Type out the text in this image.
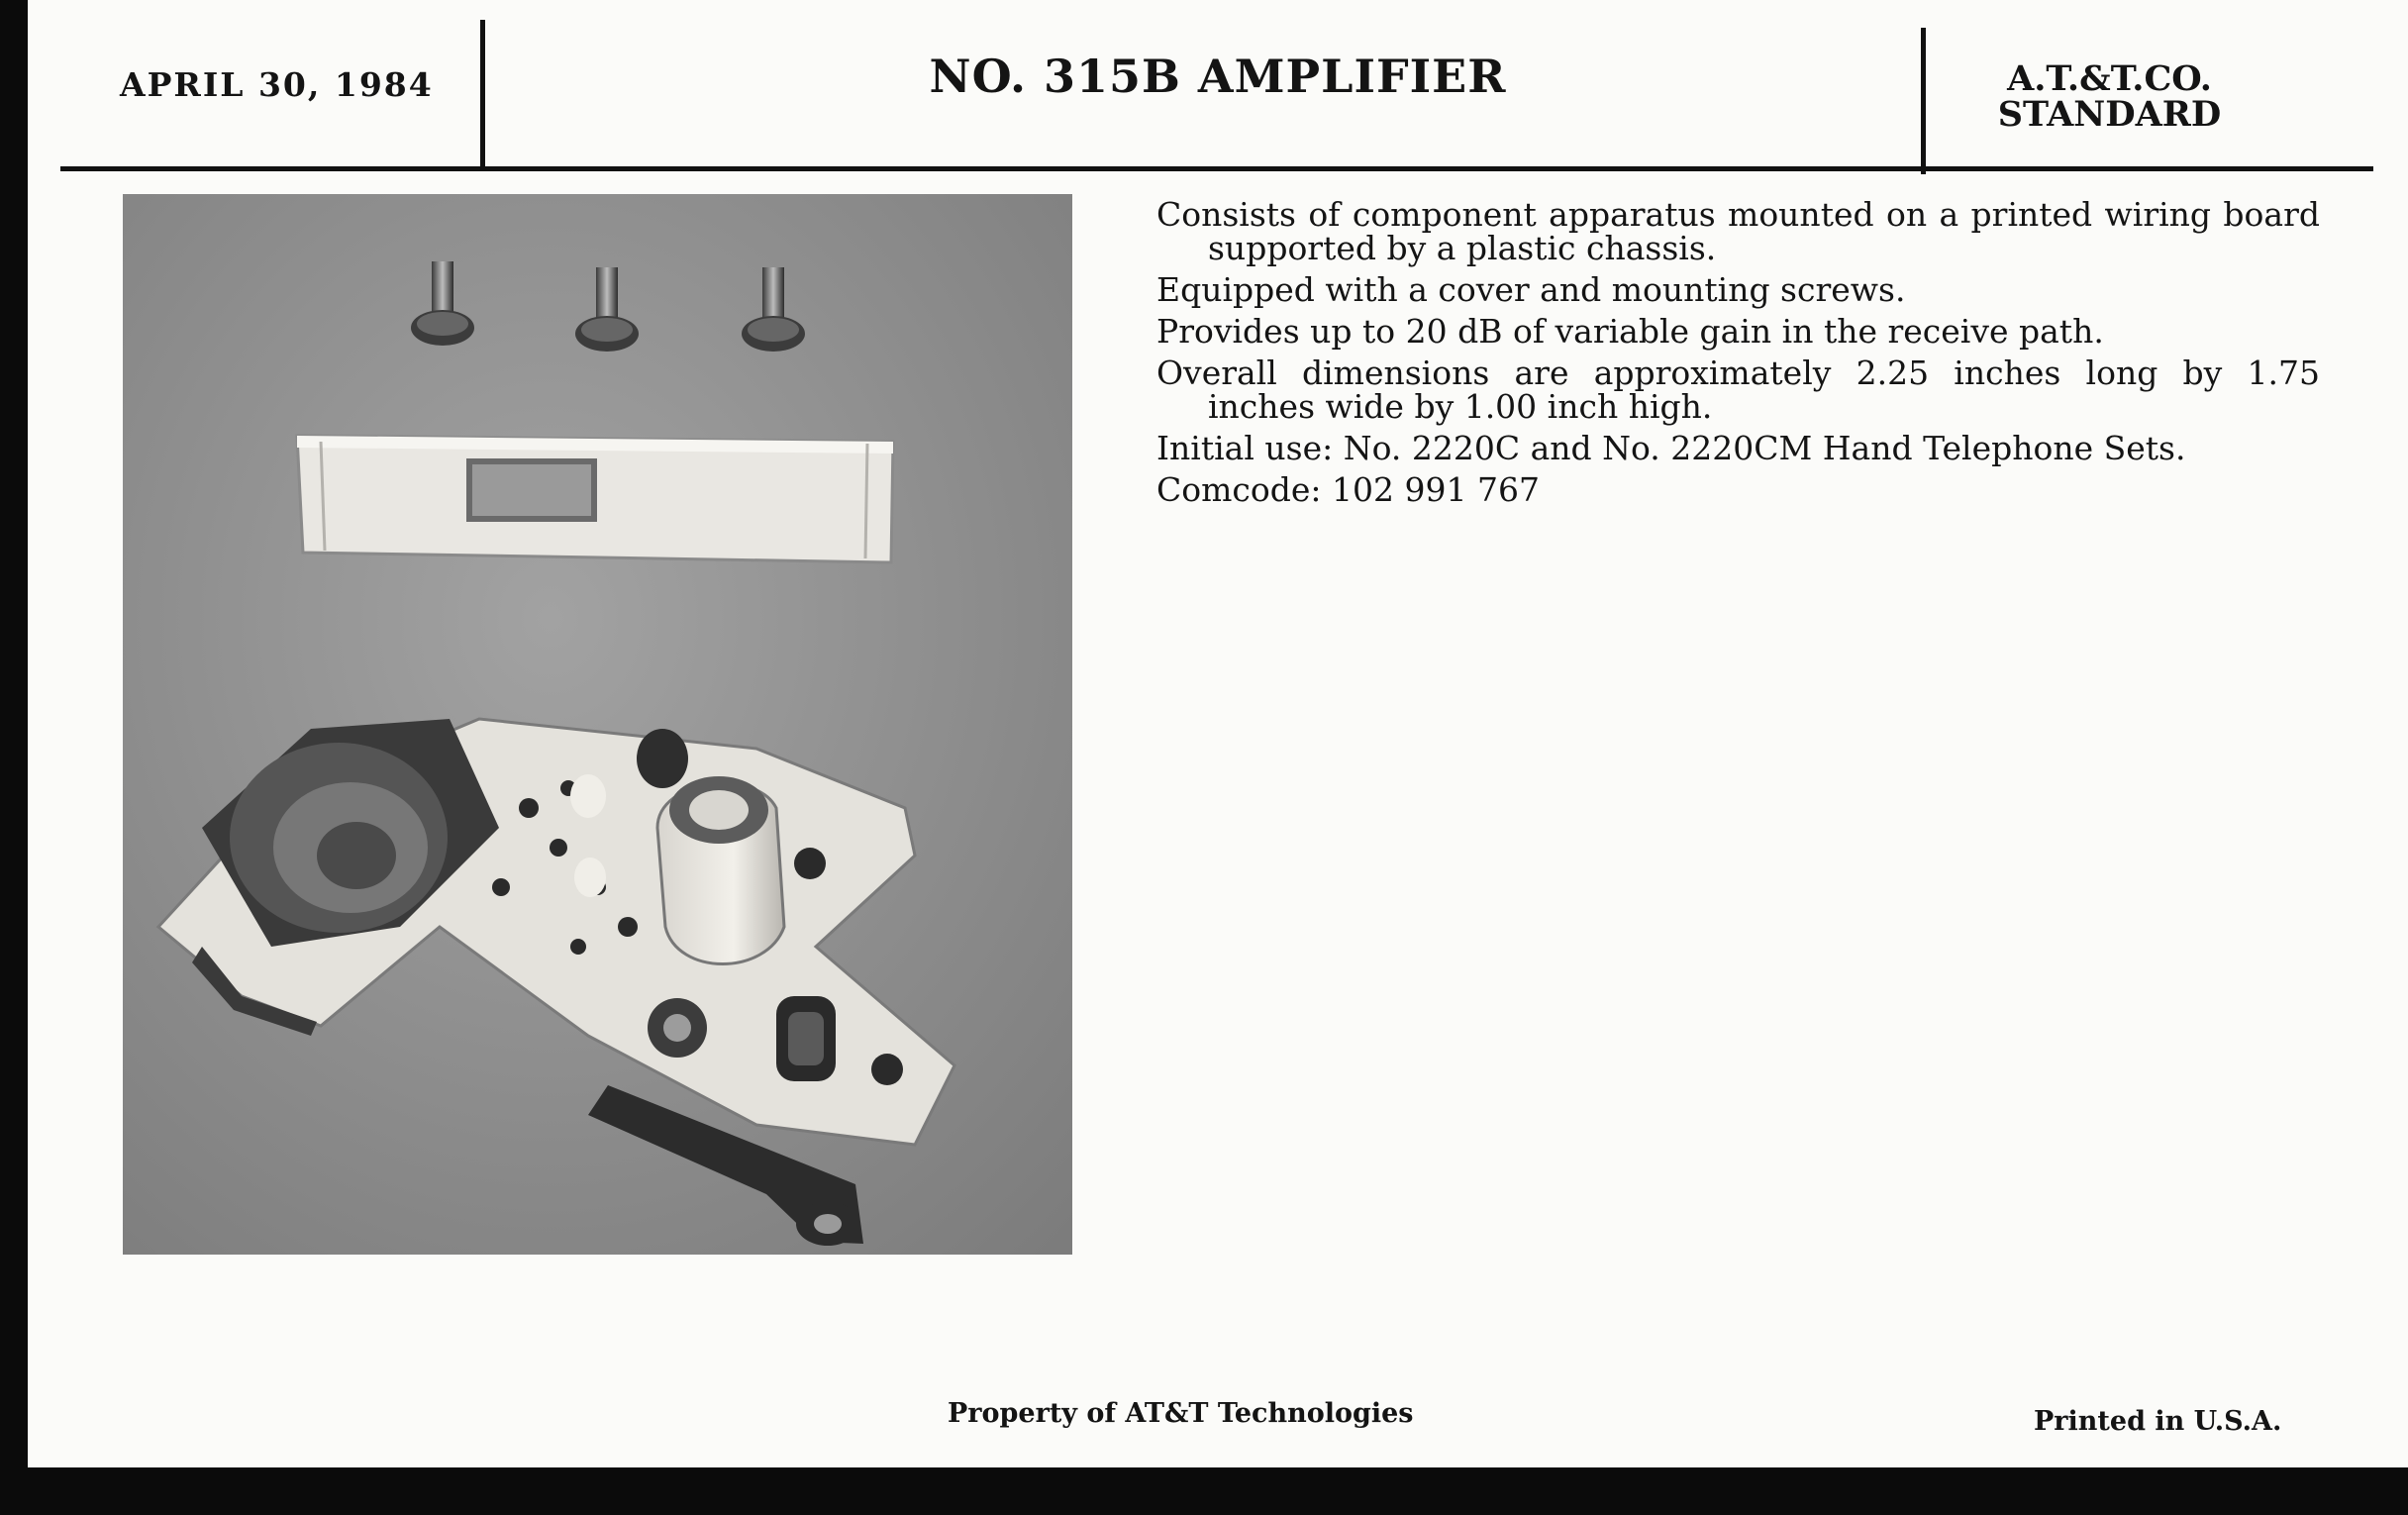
APRIL 30, 1984	NO. 315B AMPLIFIER	A.T.&T.CO.
STANDARD

Consists of component apparatus mounted on a printed wiring board supported by a plastic chassis.

Equipped with a cover and mounting screws.

Provides up to 20 dB of variable gain in the receive path.

Overall dimensions are approximately 2.25 inches long by 1.75 inches wide by 1.00 inch high.

Initial use: No. 2220C and No. 2220CM Hand Telephone Sets.

Comcode: 102 991 767

Property of AT&T Technologies	Printed in U.S.A.
